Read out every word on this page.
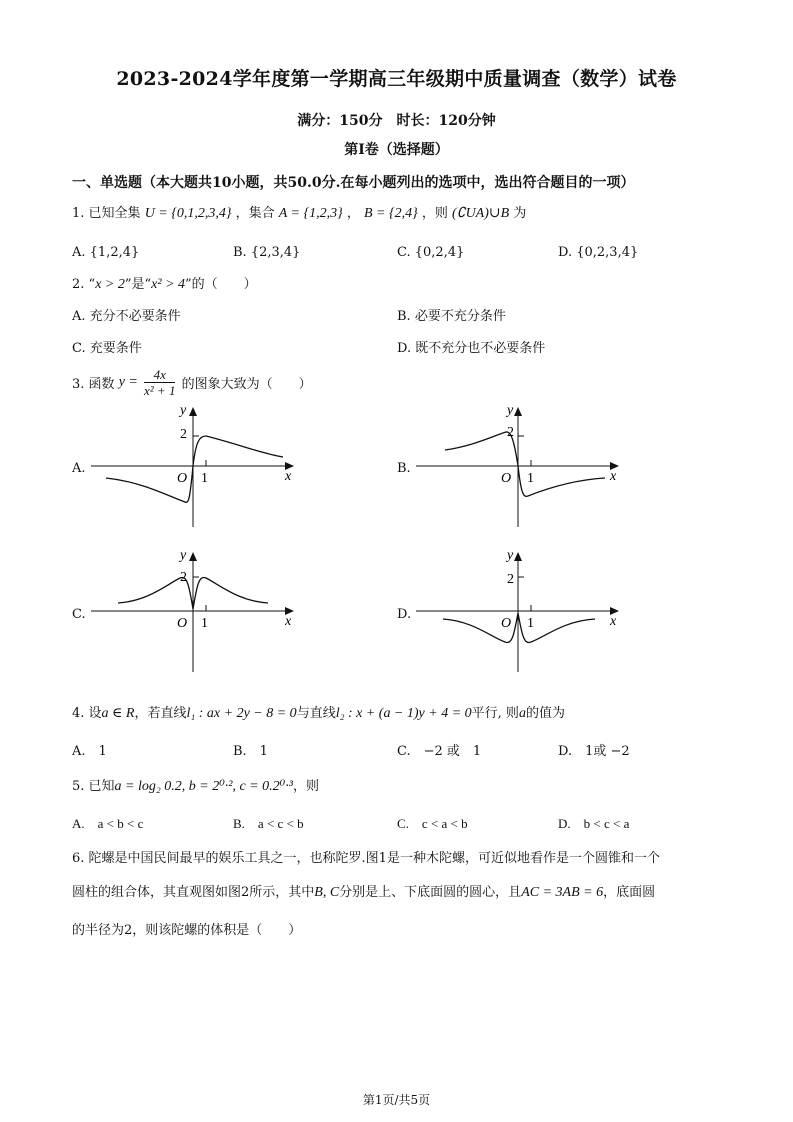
2023-2024学年度第一学期高三年级期中质量调查（数学）试卷
满分：150分　时长：120分钟
第I卷（选择题）
一、单选题（本大题共10小题，共50.0分.在每小题列出的选项中，选出符合题目的一项）
1. 已知全集 U = {0,1,2,3,4} ，集合 A = {1,2,3} ， B = {2,4} ，则 (∁UA)∪B 为
A. {1,2,4}	B. {2,3,4}	C. {0,2,4}	D. {0,2,3,4}
2. “x > 2”是“x² > 4”的（　　）
A. 充分不必要条件	B. 必要不充分条件
C. 充要条件	D. 既不充分也不必要条件
3. 函数 $y = \frac{4x}{\text{x² + 1}}$ 的图象大致为（　　）
A.	B.
C.	D.
y
2
O 1	x
y
2
O 1	x
y
2
O 1	x
y
2
O 1	x
4. 设a ∈ R，若直线l₁ : ax + 2y − 8 = 0与直线l₂ : x + (a − 1)y + 4 = 0平行, 则a的值为
A.　1	B.　1	C.　−2 或　1	D.　1或 −2
5. 已知a = log₂ 0.2, b = 2⁰·², c = 0.2⁰·³，则
A.　a < b < c	B.　a < c < b	C.　c < a < b	D.　b < c < a
6. 陀螺是中国民间最早的娱乐工具之一，也称陀罗.图1是一种木陀螺，可近似地看作是一个圆锥和一个
圆柱的组合体，其直观图如图2所示，其中B, C分别是上、下底面圆的圆心，且AC = 3AB = 6，底面圆
的半径为2，则该陀螺的体积是（　　）
第1页/共5页
